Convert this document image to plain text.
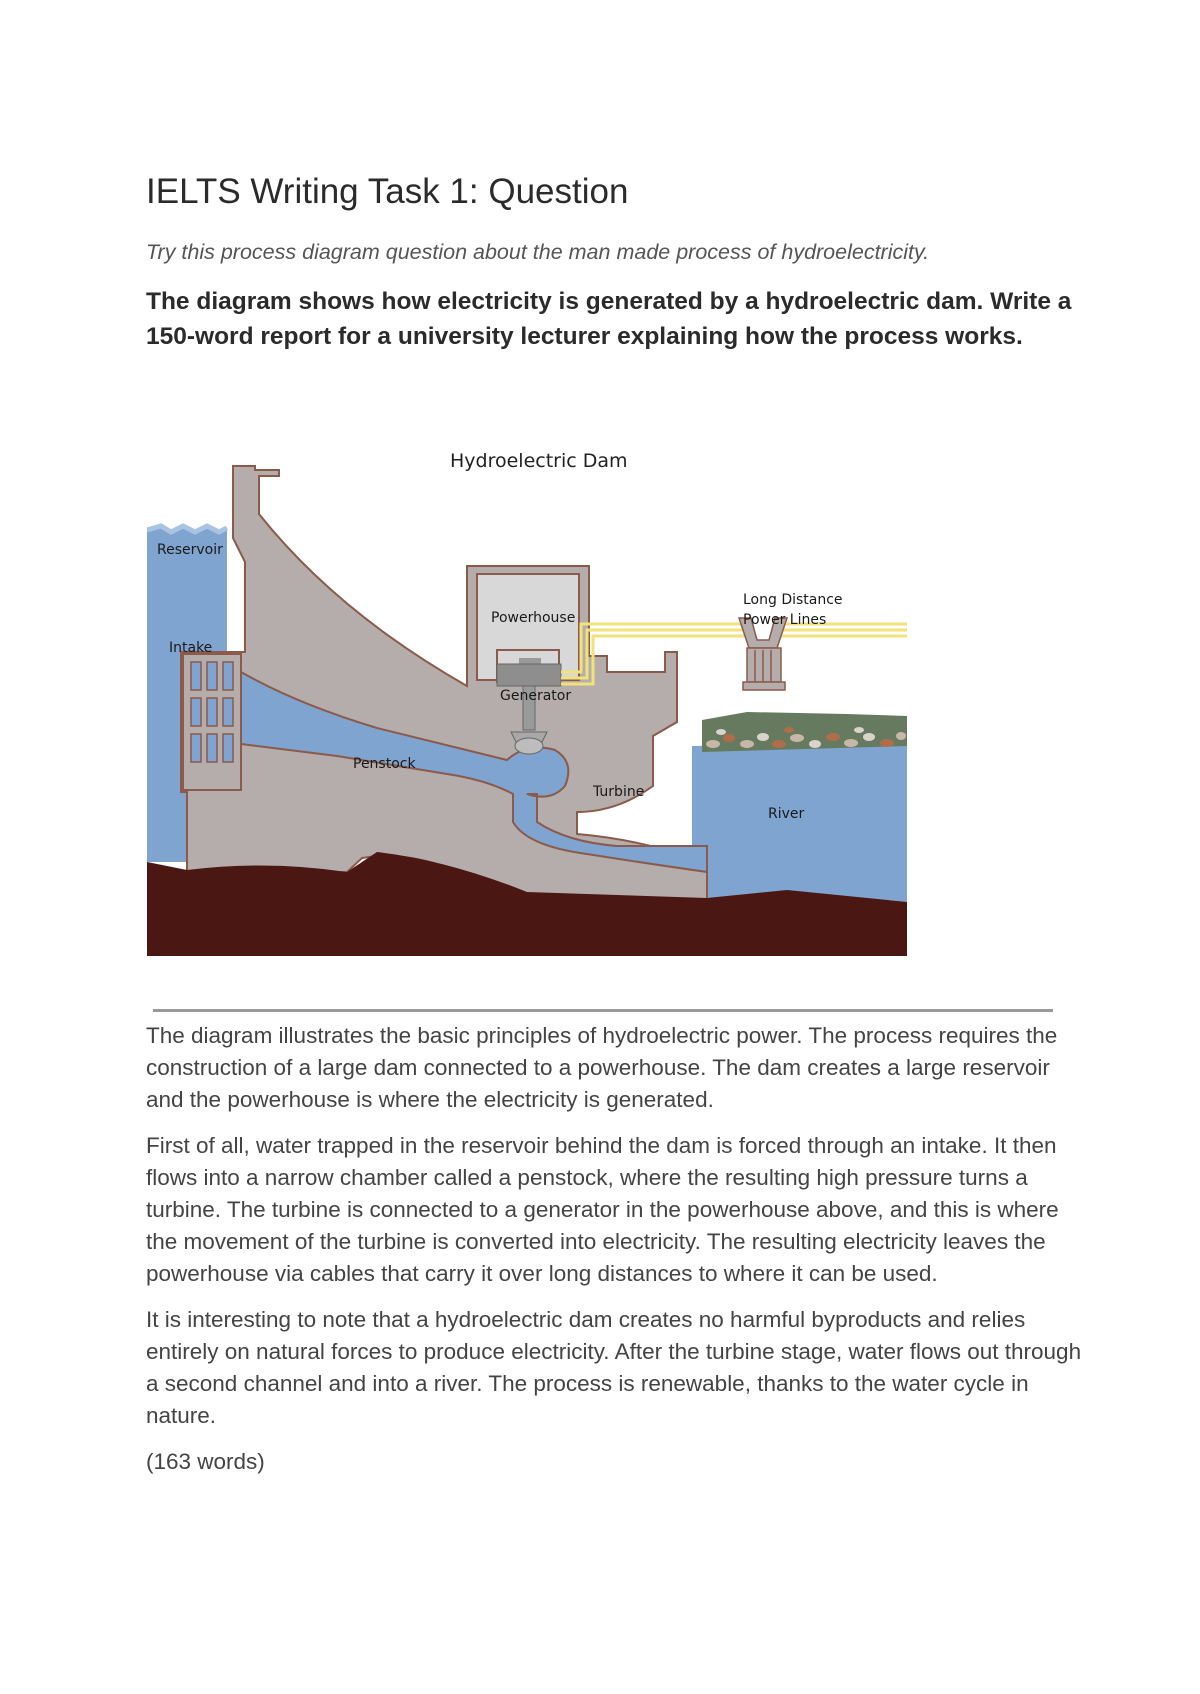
IELTS Writing Task 1: Question

Try this process diagram question about the man made process of hydroelectricity.

The diagram shows how electricity is generated by a hydroelectric dam. Write a 150-word report for a university lecturer explaining how the process works.

Hydroelectric Dam
Reservoir
Intake
Powerhouse
Generator
Penstock
Turbine
River
Long Distance
Power Lines

The diagram illustrates the basic principles of hydroelectric power. The process requires the construction of a large dam connected to a powerhouse. The dam creates a large reservoir and the powerhouse is where the electricity is generated.

First of all, water trapped in the reservoir behind the dam is forced through an intake. It then flows into a narrow chamber called a penstock, where the resulting high pressure turns a turbine. The turbine is connected to a generator in the powerhouse above, and this is where the movement of the turbine is converted into electricity. The resulting electricity leaves the powerhouse via cables that carry it over long distances to where it can be used.

It is interesting to note that a hydroelectric dam creates no harmful byproducts and relies entirely on natural forces to produce electricity. After the turbine stage, water flows out through a second channel and into a river. The process is renewable, thanks to the water cycle in nature.

(163 words)
